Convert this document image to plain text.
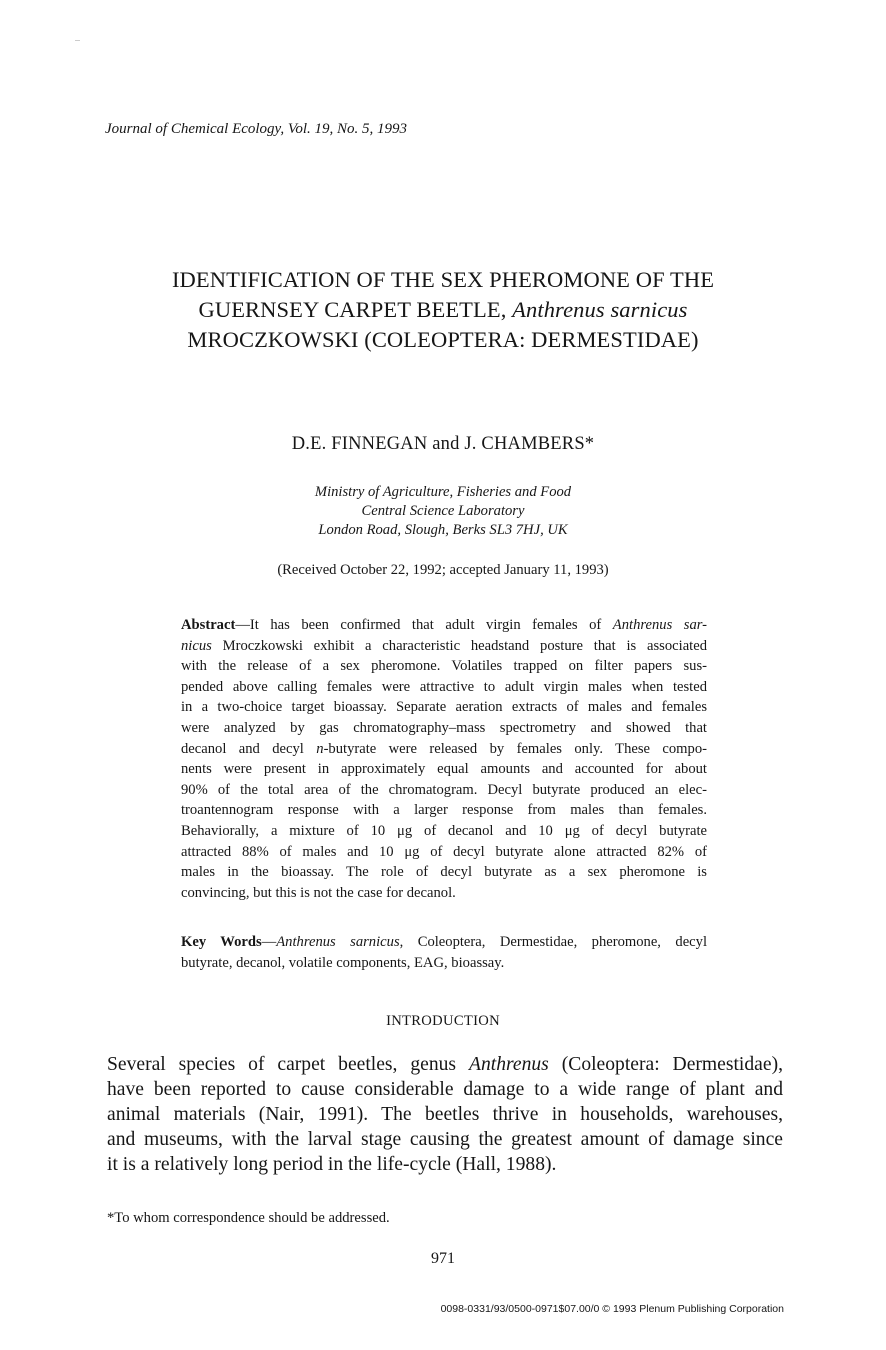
Journal of Chemical Ecology, Vol. 19, No. 5, 1993
IDENTIFICATION OF THE SEX PHEROMONE OF THE
GUERNSEY CARPET BEETLE, Anthrenus sarnicus
MROCZKOWSKI (COLEOPTERA: DERMESTIDAE)
D.E. FINNEGAN and J. CHAMBERS*
Ministry of Agriculture, Fisheries and Food
Central Science Laboratory
London Road, Slough, Berks SL3 7HJ, UK
(Received October 22, 1992; accepted January 11, 1993)
Abstract—It has been confirmed that adult virgin females of Anthrenus sar-
nicus Mroczkowski exhibit a characteristic headstand posture that is associated
with the release of a sex pheromone. Volatiles trapped on filter papers sus-
pended above calling females were attractive to adult virgin males when tested
in a two-choice target bioassay. Separate aeration extracts of males and females
were analyzed by gas chromatography–mass spectrometry and showed that
decanol and decyl n-butyrate were released by females only. These compo-
nents were present in approximately equal amounts and accounted for about
90% of the total area of the chromatogram. Decyl butyrate produced an elec-
troantennogram response with a larger response from males than females.
Behaviorally, a mixture of 10 μg of decanol and 10 μg of decyl butyrate
attracted 88% of males and 10 μg of decyl butyrate alone attracted 82% of
males in the bioassay. The role of decyl butyrate as a sex pheromone is
convincing, but this is not the case for decanol.
Key Words—Anthrenus sarnicus, Coleoptera, Dermestidae, pheromone, decyl
butyrate, decanol, volatile components, EAG, bioassay.
INTRODUCTION
Several species of carpet beetles, genus Anthrenus (Coleoptera: Dermestidae),
have been reported to cause considerable damage to a wide range of plant and
animal materials (Nair, 1991). The beetles thrive in households, warehouses,
and museums, with the larval stage causing the greatest amount of damage since
it is a relatively long period in the life-cycle (Hall, 1988).
*To whom correspondence should be addressed.
971
0098-0331/93/0500-0971$07.00/0 © 1993 Plenum Publishing Corporation
